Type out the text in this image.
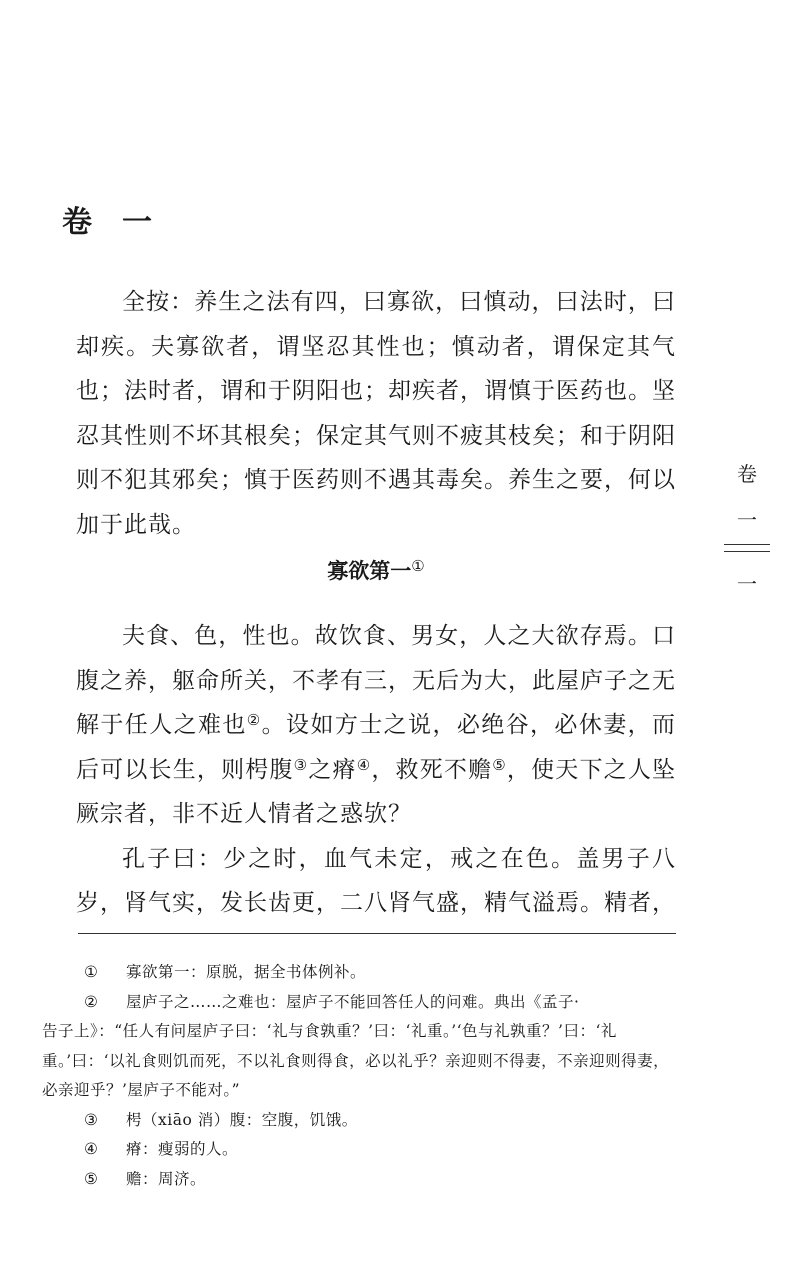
卷　一

全按：养生之法有四，曰寡欲，曰慎动，曰法时，曰却疾。夫寡欲者，谓坚忍其性也；慎动者，谓保定其气也；法时者，谓和于阴阳也；却疾者，谓慎于医药也。坚忍其性则不坏其根矣；保定其气则不疲其枝矣；和于阴阳则不犯其邪矣；慎于医药则不遇其毒矣。养生之要，何以加于此哉。

寡欲第一①

夫食、色，性也。故饮食、男女，人之大欲存焉。口腹之养，躯命所关，不孝有三，无后为大，此屋庐子之无解于任人之难也②。设如方士之说，必绝谷，必休妻，而后可以长生，则枵腹③之瘠④，救死不赡⑤，使天下之人坠厥宗者，非不近人情者之惑欤？

孔子曰：少之时，血气未定，戒之在色。盖男子八岁，肾气实，发长齿更，二八肾气盛，精气溢焉。精者，

① 寡欲第一：原脱，据全书体例补。
② 屋庐子之……之难也：屋庐子不能回答任人的问难。典出《孟子·
告子上》：“任人有问屋庐子曰：‘礼与食孰重？’曰：‘礼重。’‘色与礼孰重？’曰：‘礼重。’曰：‘以礼食则饥而死，不以礼食则得食，必以礼乎？亲迎则不得妻，不亲迎则得妻，必亲迎乎？’屋庐子不能对。”
③ 枵（xiāo 消）腹：空腹，饥饿。
④ 瘠：瘦弱的人。
⑤ 赡：周济。
卷
一
一
